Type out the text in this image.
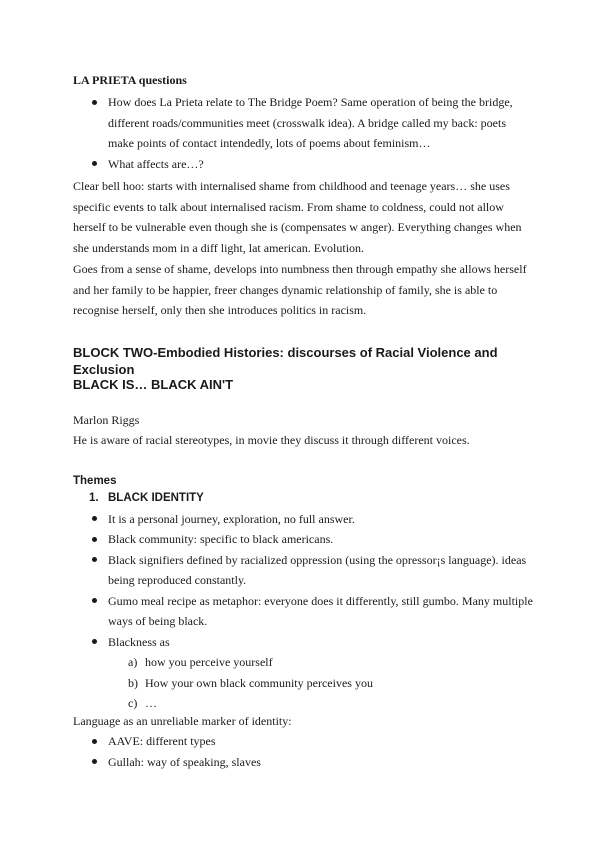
LA PRIETA questions
How does La Prieta relate to The Bridge Poem? Same operation of being the bridge, different roads/communities meet (crosswalk idea). A bridge called my back: poets make points of contact intendedly, lots of poems about feminism…
What affects are…?

Clear bell hoo: starts with internalised shame from childhood and teenage years… she uses specific events to talk about internalised racism. From shame to coldness, could not allow herself to be vulnerable even though she is (compensates w anger). Everything changes when she understands mom in a diff light, lat american. Evolution.

Goes from a sense of shame, develops into numbness then through empathy she allows herself and her family to be happier, freer changes dynamic relationship of family, she is able to recognise herself, only then she introduces politics in racism.

BLOCK TWO-Embodied Histories: discourses of Racial Violence and Exclusion
BLACK IS… BLACK AIN'T
Marlon Riggs
He is aware of racial stereotypes, in movie they discuss it through different voices.
Themes
1. BLACK IDENTITY
It is a personal journey, exploration, no full answer.
Black community: specific to black americans.
Black signifiers defined by racialized oppression (using the opressor¡s language). ideas being reproduced constantly.
Gumo meal recipe as metaphor: everyone does it differently, still gumbo. Many multiple ways of being black.
Blackness as
a) how you perceive yourself
b) How your own black community perceives you
c) …
Language as an unreliable marker of identity:
AAVE: different types
Gullah: way of speaking, slaves
